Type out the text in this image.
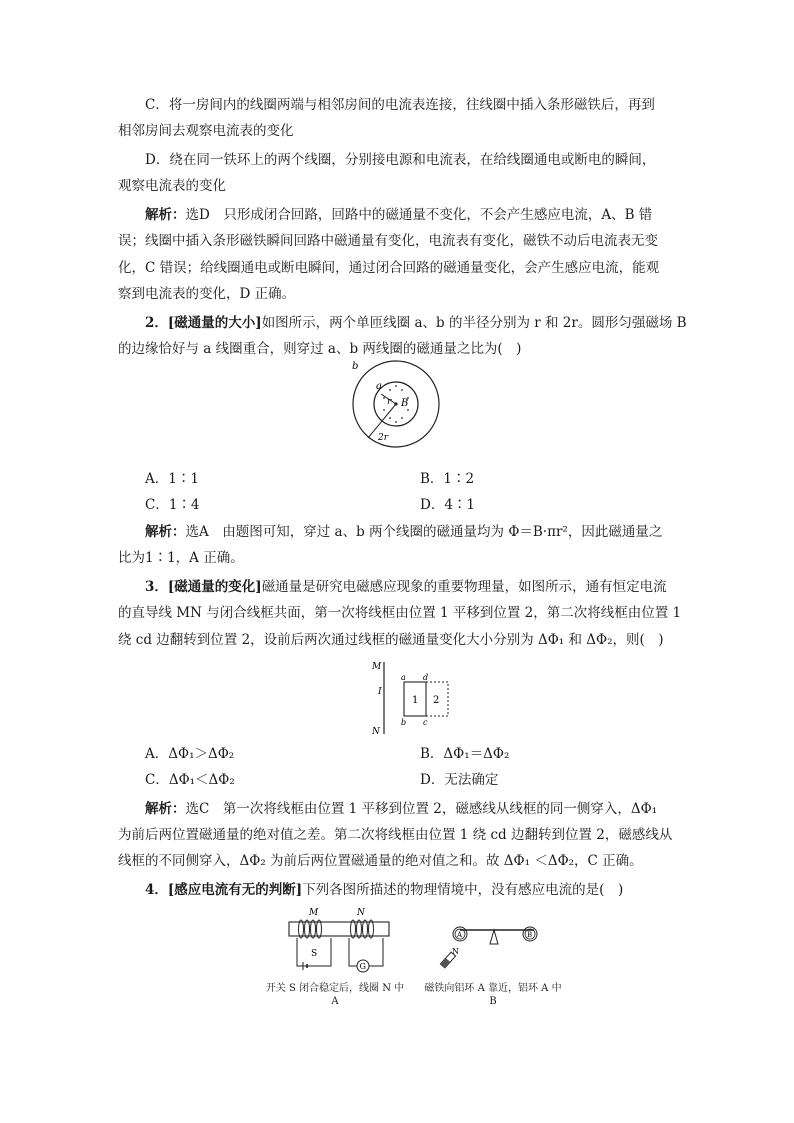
C．将一房间内的线圈两端与相邻房间的电流表连接，往线圈中插入条形磁铁后，再到
相邻房间去观察电流表的变化
D．绕在同一铁环上的两个线圈，分别接电源和电流表，在给线圈通电或断电的瞬间，
观察电流表的变化
解析：选D　只形成闭合回路，回路中的磁通量不变化，不会产生感应电流，A、B 错
误；线圈中插入条形磁铁瞬间回路中磁通量有变化，电流表有变化，磁铁不动后电流表无变
化，C 错误；给线圈通电或断电瞬间，通过闭合回路的磁通量变化，会产生感应电流，能观
察到电流表的变化，D 正确。
2．[磁通量的大小]如图所示，两个单匝线圈 a、b 的半径分别为 r 和 2r。圆形匀强磁场 B
的边缘恰好与 a 线圈重合，则穿过 a、b 两线圈的磁通量之比为(　)
b
a
r B
2r
A．1∶1	B．1∶2
C．1∶4	D．4∶1
解析：选A　由题图可知，穿过 a、b 两个线圈的磁通量均为 Φ＝B·πr²，因此磁通量之
比为1∶1，A 正确。
3．[磁通量的变化]磁通量是研究电磁感应现象的重要物理量，如图所示，通有恒定电流
的直导线 MN 与闭合线框共面，第一次将线框由位置 1 平移到位置 2，第二次将线框由位置 1
绕 cd 边翻转到位置 2，设前后两次通过线框的磁通量变化大小分别为 ΔΦ₁ 和 ΔΦ₂，则(　)
M
I
N
a d
b c
1 2
A．ΔΦ₁＞ΔΦ₂	B．ΔΦ₁＝ΔΦ₂
C．ΔΦ₁＜ΔΦ₂	D．无法确定
解析：选C　第一次将线框由位置 1 平移到位置 2，磁感线从线框的同一侧穿入，ΔΦ₁
为前后两位置磁通量的绝对值之差。第二次将线框由位置 1 绕 cd 边翻转到位置 2，磁感线从
线框的不同侧穿入，ΔΦ₂ 为前后两位置磁通量的绝对值之和。故 ΔΦ₁ ＜ΔΦ₂，C 正确。
4．[感应电流有无的判断]下列各图所描述的物理情境中，没有感应电流的是(　)
M	N
S
G
开关 S 闭合稳定后，线圈 N 中
A
A	B
N
磁铁向铝环 A 靠近，铝环 A 中
B
